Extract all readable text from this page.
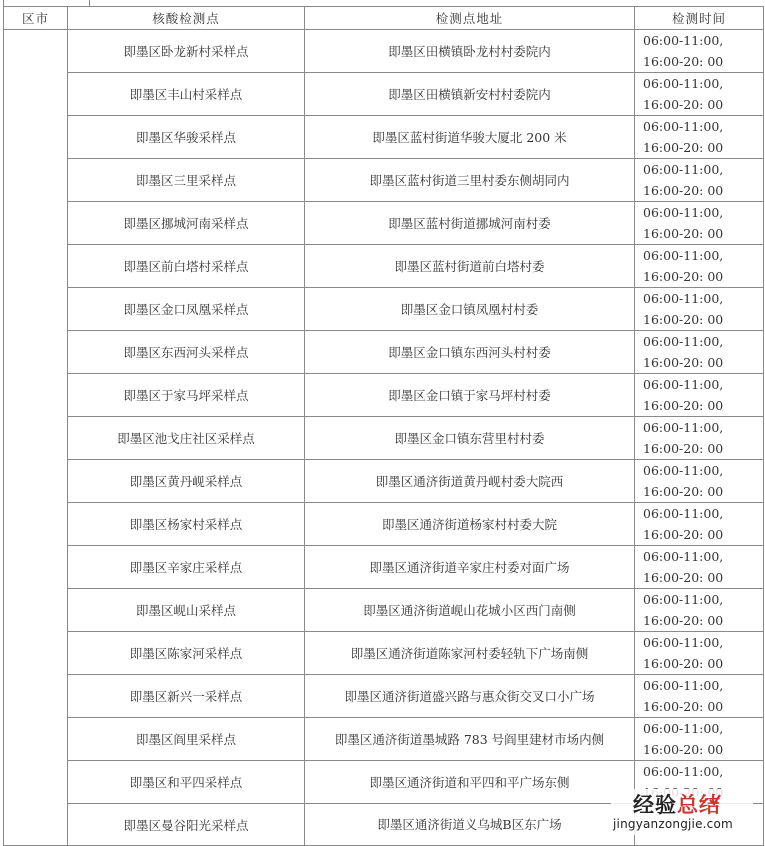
区市	核酸检测点	检测点地址	检测时间
	即墨区卧龙新村采样点	即墨区田横镇卧龙村村委院内	06:00-11:00,
16:00-20: 00

	即墨区丰山村采样点	即墨区田横镇新安村村委院内	06:00-11:00,
16:00-20: 00

	即墨区华骏采样点	即墨区蓝村街道华骏大厦北 200 米	06:00-11:00,
16:00-20: 00

	即墨区三里采样点	即墨区蓝村街道三里村委东侧胡同内	06:00-11:00,
16:00-20: 00

	即墨区挪城河南采样点	即墨区蓝村街道挪城河南村委	06:00-11:00,
16:00-20: 00

	即墨区前白塔村采样点	即墨区蓝村街道前白塔村委	06:00-11:00,
16:00-20: 00

	即墨区金口凤凰采样点	即墨区金口镇凤凰村村委	06:00-11:00,
16:00-20: 00

	即墨区东西河头采样点	即墨区金口镇东西河头村村委	06:00-11:00,
16:00-20: 00

	即墨区于家马坪采样点	即墨区金口镇于家马坪村村委	06:00-11:00,
16:00-20: 00

	即墨区池戈庄社区采样点	即墨区金口镇东营里村村委	06:00-11:00,
16:00-20: 00

	即墨区黄丹岘采样点	即墨区通济街道黄丹岘村委大院西	06:00-11:00,
16:00-20: 00

	即墨区杨家村采样点	即墨区通济街道杨家村村委大院	06:00-11:00,
16:00-20: 00

	即墨区辛家庄采样点	即墨区通济街道辛家庄村委对面广场	06:00-11:00,
16:00-20: 00

	即墨区岘山采样点	即墨区通济街道岘山花城小区西门南侧	06:00-11:00,
16:00-20: 00

	即墨区陈家河采样点	即墨区通济街道陈家河村委轻轨下广场南侧	06:00-11:00,
16:00-20: 00

	即墨区新兴一采样点	即墨区通济街道盛兴路与惠众街交叉口小广场	06:00-11:00,
16:00-20: 00

	即墨区阎里采样点	即墨区通济街道墨城路 783 号阎里建材市场内侧	06:00-11:00,
16:00-20: 00

	即墨区和平四采样点	即墨区通济街道和平四和平广场东侧	06:00-11:00,

	即墨区曼谷阳光采样点	即墨区通济街道义乌城B区东广场	
经验总结
jingyanzongjie.com
